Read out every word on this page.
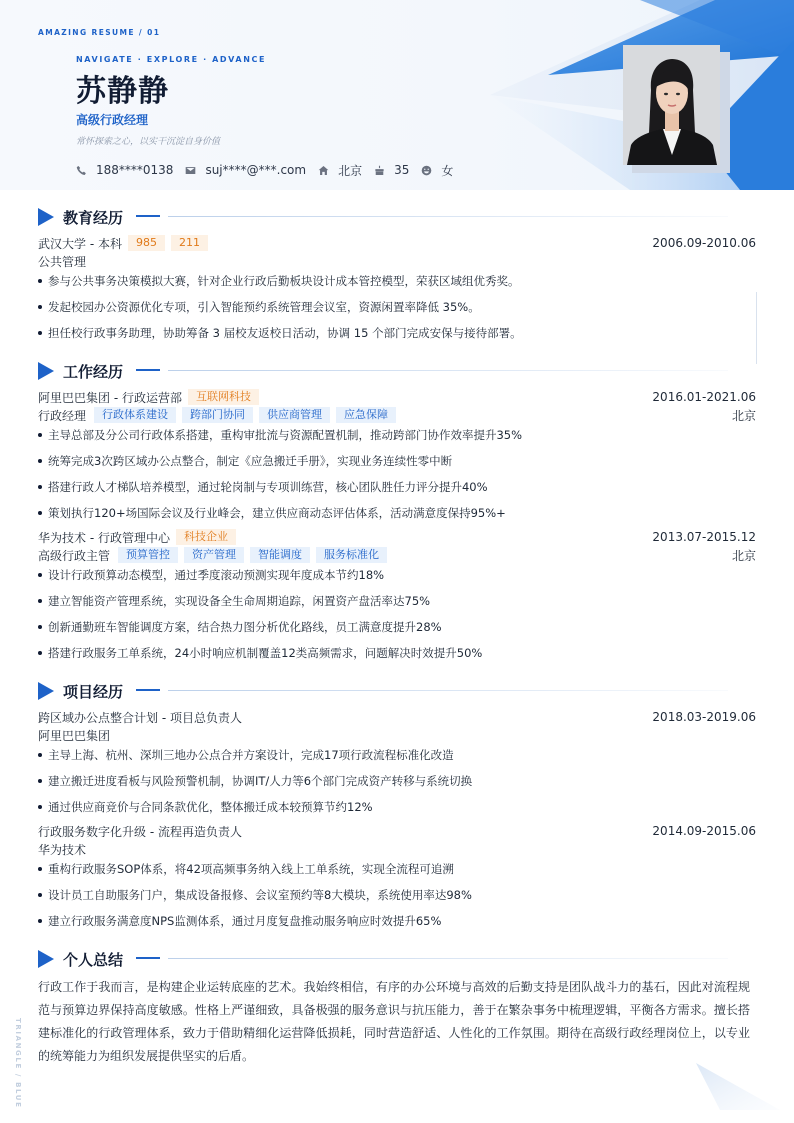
AMAZING RESUME / 01
NAVIGATE · EXPLORE · ADVANCE
苏静静
高级行政经理
常怀探索之心，以实干沉淀自身价值
188****0138	suj****@***.com	北京	35	女
教育经历
武汉大学 - 本科	985	211	2006.09-2010.06
公共管理
参与公共事务决策模拟大赛，针对企业行政后勤板块设计成本管控模型，荣获区域组优秀奖。
发起校园办公资源优化专项，引入智能预约系统管理会议室，资源闲置率降低 35%。
担任校行政事务助理，协助筹备 3 届校友返校日活动，协调 15 个部门完成安保与接待部署。
工作经历
阿里巴巴集团 - 行政运营部	互联网科技	2016.01-2021.06
行政经理	行政体系建设	跨部门协同	供应商管理	应急保障	北京
主导总部及分公司行政体系搭建，重构审批流与资源配置机制，推动跨部门协作效率提升35%
统筹完成3次跨区域办公点整合，制定《应急搬迁手册》，实现业务连续性零中断
搭建行政人才梯队培养模型，通过轮岗制与专项训练营，核心团队胜任力评分提升40%
策划执行120+场国际会议及行业峰会，建立供应商动态评估体系，活动满意度保持95%+
华为技术 - 行政管理中心	科技企业	2013.07-2015.12
高级行政主管	预算管控	资产管理	智能调度	服务标准化	北京
设计行政预算动态模型，通过季度滚动预测实现年度成本节约18%
建立智能资产管理系统，实现设备全生命周期追踪，闲置资产盘活率达75%
创新通勤班车智能调度方案，结合热力图分析优化路线，员工满意度提升28%
搭建行政服务工单系统，24小时响应机制覆盖12类高频需求，问题解决时效提升50%
项目经历
跨区域办公点整合计划 - 项目总负责人	2018.03-2019.06
阿里巴巴集团
主导上海、杭州、深圳三地办公点合并方案设计，完成17项行政流程标准化改造
建立搬迁进度看板与风险预警机制，协调IT/人力等6个部门完成资产转移与系统切换
通过供应商竞价与合同条款优化，整体搬迁成本较预算节约12%
行政服务数字化升级 - 流程再造负责人	2014.09-2015.06
华为技术
重构行政服务SOP体系，将42项高频事务纳入线上工单系统，实现全流程可追溯
设计员工自助服务门户，集成设备报修、会议室预约等8大模块，系统使用率达98%
建立行政服务满意度NPS监测体系，通过月度复盘推动服务响应时效提升65%
个人总结
行政工作于我而言，是构建企业运转底座的艺术。我始终相信，有序的办公环境与高效的后勤支持是团队战斗力的基石，因此对流程规范与预算边界保持高度敏感。性格上严谨细致，具备极强的服务意识与抗压能力，善于在繁杂事务中梳理逻辑，平衡各方需求。擅长搭建标准化的行政管理体系，致力于借助精细化运营降低损耗，同时营造舒适、人性化的工作氛围。期待在高级行政经理岗位上，以专业的统筹能力为组织发展提供坚实的后盾。
TRIANGLE / BLUE
